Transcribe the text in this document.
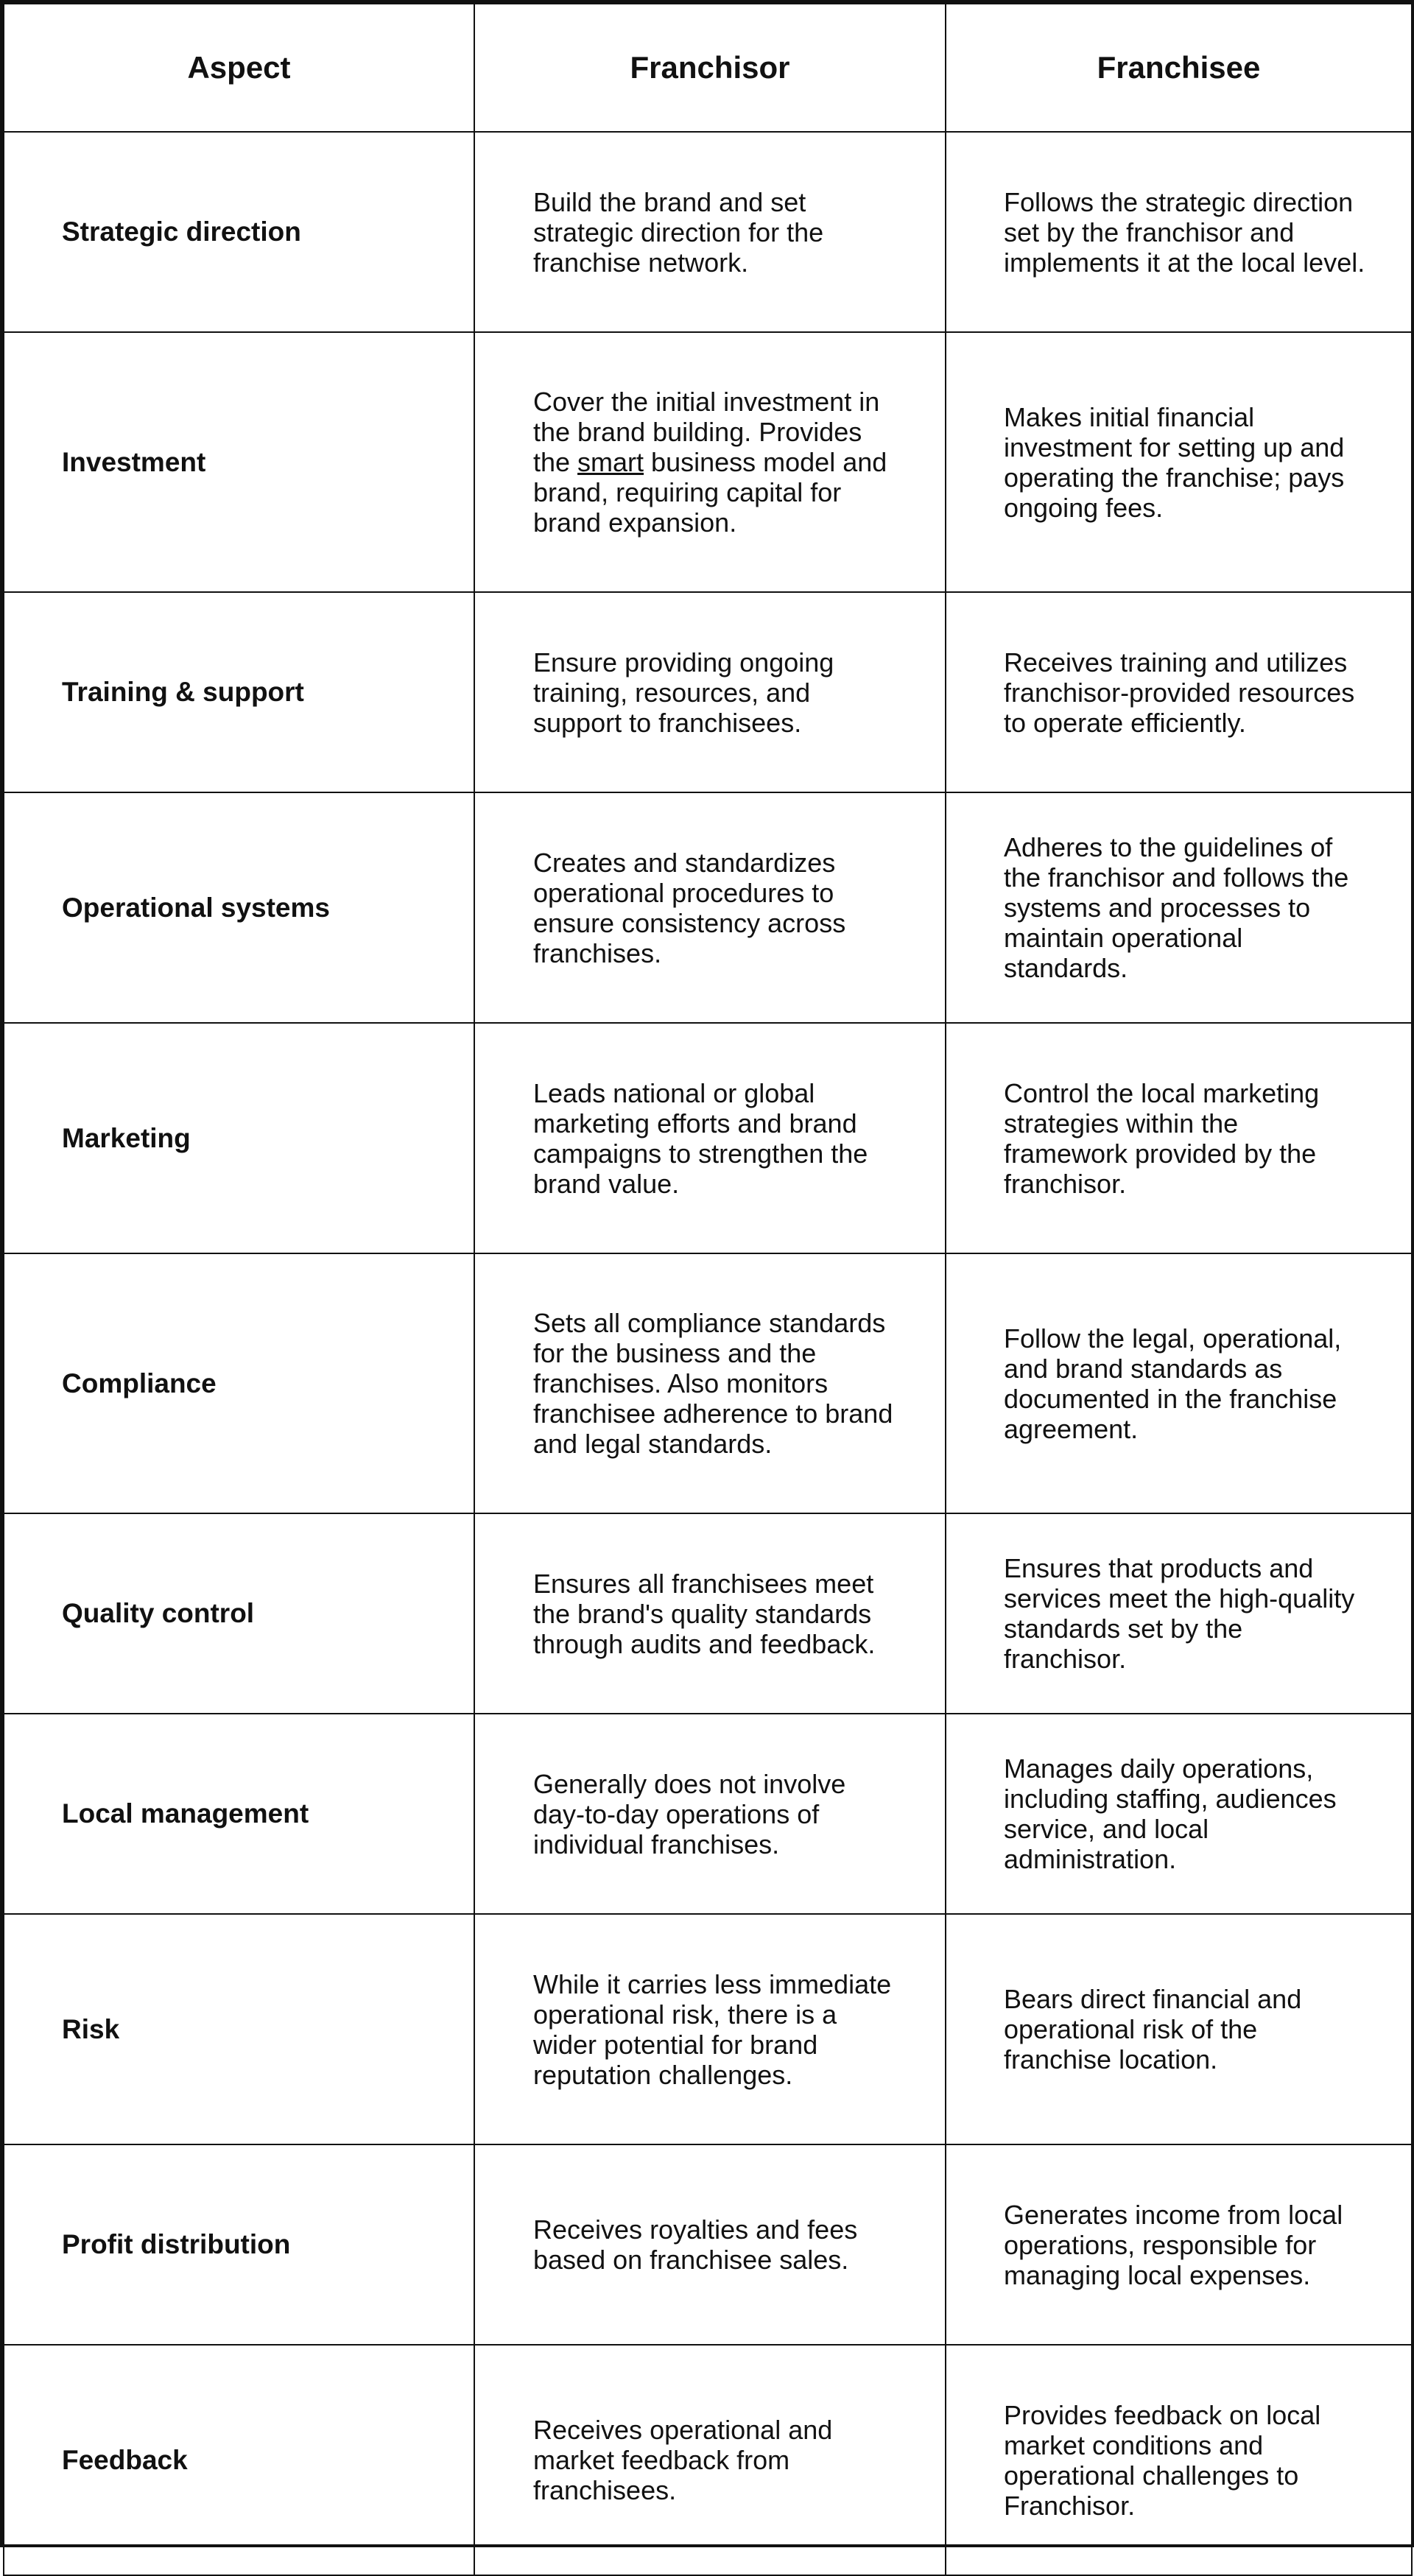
Aspect	Franchisor	Franchisee
Strategic direction	Build the brand and set strategic direction for the franchise network.	Follows the strategic direction set by the franchisor and implements it at the local level.
Investment	Cover the initial investment in the brand building. Provides the smart business model and brand, requiring capital for brand expansion.	Makes initial financial investment for setting up and operating the franchise; pays ongoing fees.
Training & support	Ensure providing ongoing training, resources, and support to franchisees.	Receives training and utilizes franchisor-provided resources to operate efficiently.
Operational systems	Creates and standardizes operational procedures to ensure consistency across franchises.	Adheres to the guidelines of the franchisor and follows the systems and processes to maintain operational standards.
Marketing	Leads national or global marketing efforts and brand campaigns to strengthen the brand value.	Control the local marketing strategies within the framework provided by the franchisor.
Compliance	Sets all compliance standards for the business and the franchises. Also monitors franchisee adherence to brand and legal standards.	Follow the legal, operational, and brand standards as documented in the franchise agreement.
Quality control	Ensures all franchisees meet the brand's quality standards through audits and feedback.	Ensures that products and services meet the high-quality standards set by the franchisor.
Local management	Generally does not involve day-to-day operations of individual franchises.	Manages daily operations, including staffing, audiences service, and local administration.
Risk	While it carries less immediate operational risk, there is a wider potential for brand reputation challenges.	Bears direct financial and operational risk of the franchise location.
Profit distribution	Receives royalties and fees based on franchisee sales.	Generates income from local operations, responsible for managing local expenses.
Feedback	Receives operational and market feedback from franchisees.	Provides feedback on local market conditions and operational challenges to Franchisor.
